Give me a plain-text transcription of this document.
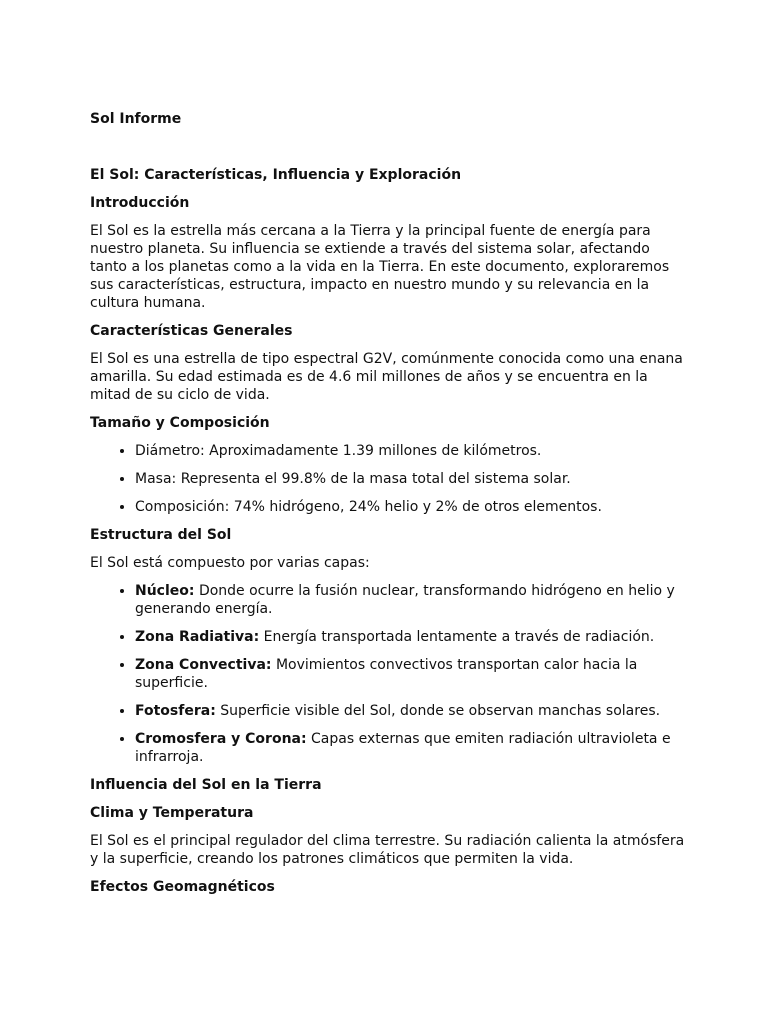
Sol Informe
El Sol: Características, Influencia y Exploración
Introducción

El Sol es la estrella más cercana a la Tierra y la principal fuente de energía para nuestro planeta. Su influencia se extiende a través del sistema solar, afectando tanto a los planetas como a la vida en la Tierra. En este documento, exploraremos sus características, estructura, impacto en nuestro mundo y su relevancia en la cultura humana.

Características Generales

El Sol es una estrella de tipo espectral G2V, comúnmente conocida como una enana amarilla. Su edad estimada es de 4.6 mil millones de años y se encuentra en la mitad de su ciclo de vida.

Tamaño y Composición
• Diámetro: Aproximadamente 1.39 millones de kilómetros.
• Masa: Representa el 99.8% de la masa total del sistema solar.
• Composición: 74% hidrógeno, 24% helio y 2% de otros elementos.
Estructura del Sol

El Sol está compuesto por varias capas:

• Núcleo: Donde ocurre la fusión nuclear, transformando hidrógeno en helio y generando energía.
• Zona Radiativa: Energía transportada lentamente a través de radiación.
• Zona Convectiva: Movimientos convectivos transportan calor hacia la superficie.
• Fotosfera: Superficie visible del Sol, donde se observan manchas solares.
• Cromosfera y Corona: Capas externas que emiten radiación ultravioleta e infrarroja.
Influencia del Sol en la Tierra
Clima y Temperatura

El Sol es el principal regulador del clima terrestre. Su radiación calienta la atmósfera y la superficie, creando los patrones climáticos que permiten la vida.

Efectos Geomagnéticos
